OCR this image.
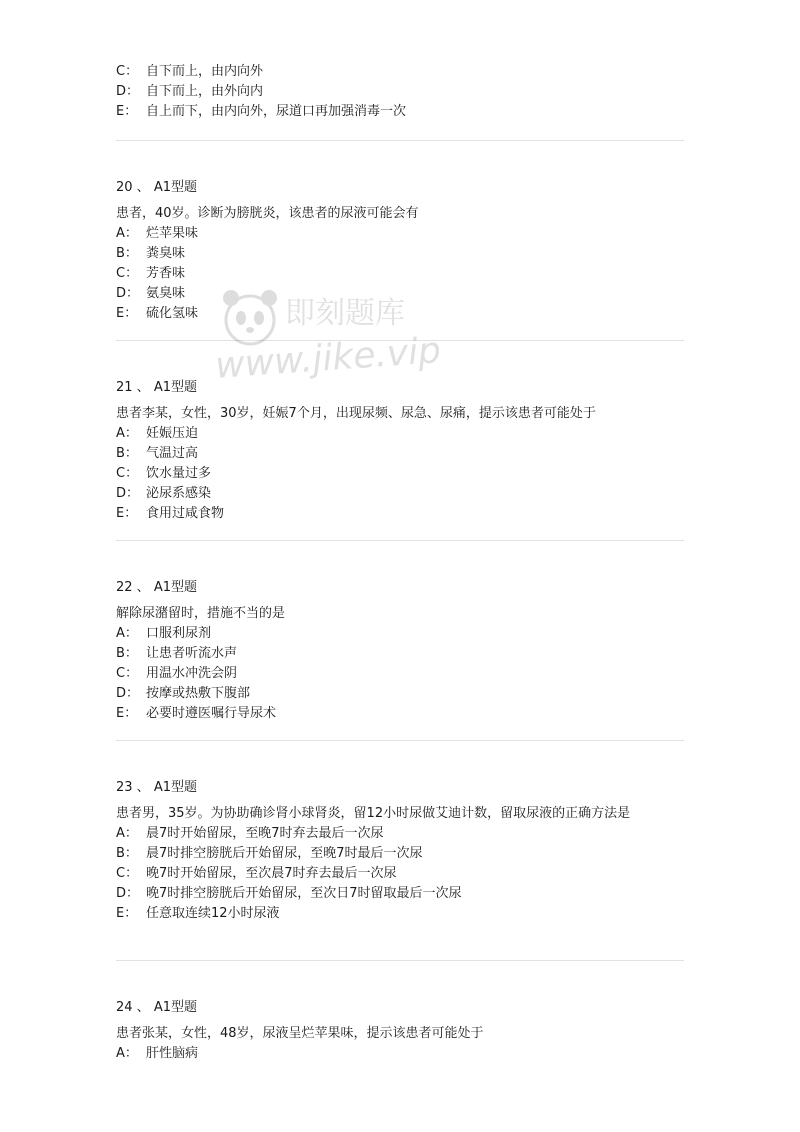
C： 自下而上，由内向外
D： 自下而上，由外向内
E： 自上而下，由内向外，尿道口再加强消毒一次
20 、 A1型题
患者，40岁。诊断为膀胱炎，该患者的尿液可能会有
A： 烂苹果味
B： 粪臭味
C： 芳香味
D： 氨臭味
E： 硫化氢味
21 、 A1型题
患者李某，女性，30岁，妊娠7个月，出现尿频、尿急、尿痛，提示该患者可能处于
A： 妊娠压迫
B： 气温过高
C： 饮水量过多
D： 泌尿系感染
E： 食用过咸食物
22 、 A1型题
解除尿潴留时，措施不当的是
A： 口服利尿剂
B： 让患者听流水声
C： 用温水冲洗会阴
D： 按摩或热敷下腹部
E： 必要时遵医嘱行导尿术
23 、 A1型题
患者男，35岁。为协助确诊肾小球肾炎，留12小时尿做艾迪计数，留取尿液的正确方法是
A： 晨7时开始留尿，至晚7时弃去最后一次尿
B： 晨7时排空膀胱后开始留尿，至晚7时最后一次尿
C： 晚7时开始留尿，至次晨7时弃去最后一次尿
D： 晚7时排空膀胱后开始留尿，至次日7时留取最后一次尿
E： 任意取连续12小时尿液
24 、 A1型题
患者张某，女性，48岁，尿液呈烂苹果味，提示该患者可能处于
A： 肝性脑病
即刻题库
www.jike.vip
